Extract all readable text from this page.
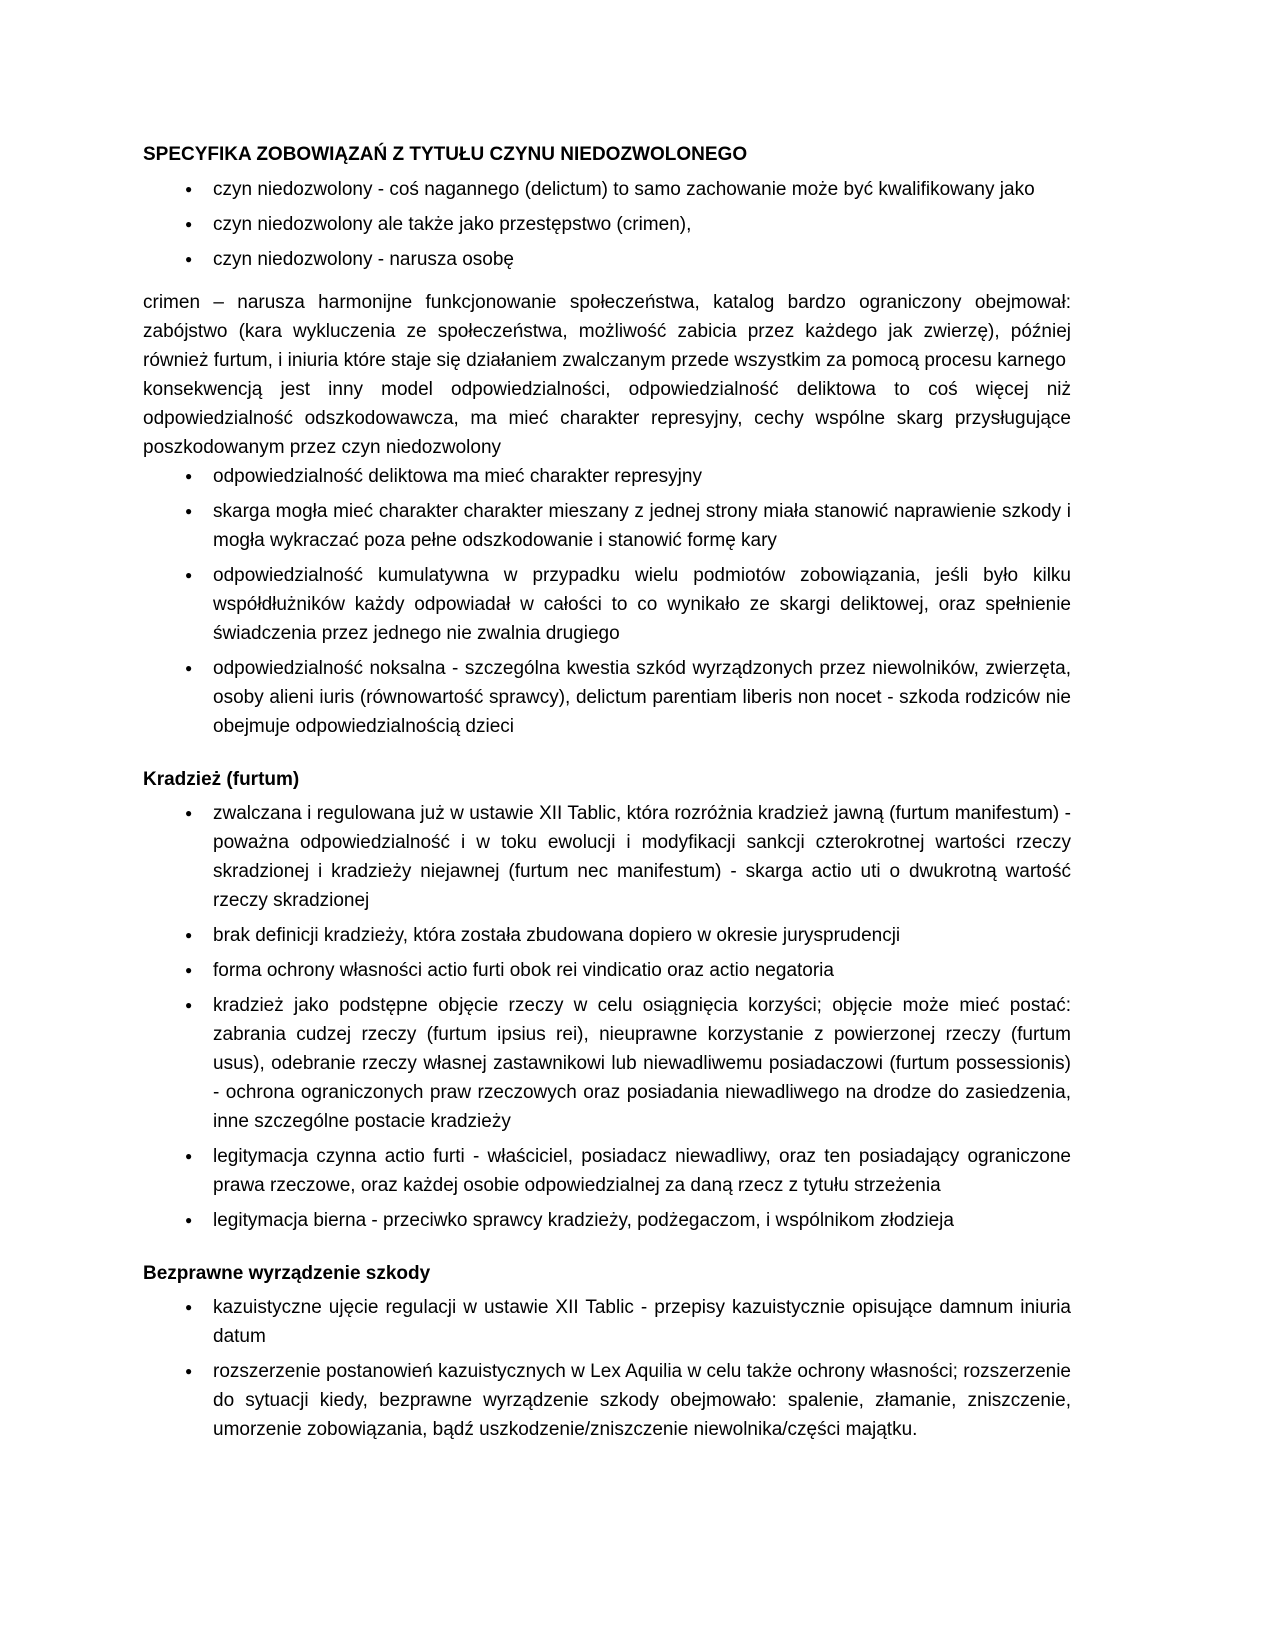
SPECYFIKA ZOBOWIĄZAŃ Z TYTUŁU CZYNU NIEDOZWOLONEGO
● czyn niedozwolony - coś nagannego (delictum) to samo zachowanie może być kwalifikowany jako
● czyn niedozwolony ale także jako przestępstwo (crimen),
● czyn niedozwolony - narusza osobę

crimen – narusza harmonijne funkcjonowanie społeczeństwa, katalog bardzo ograniczony obejmował: zabójstwo (kara wykluczenia ze społeczeństwa, możliwość zabicia przez każdego jak zwierzę), później również furtum, i iniuria które staje się działaniem zwalczanym przede wszystkim za pomocą procesu karnego

konsekwencją jest inny model odpowiedzialności, odpowiedzialność deliktowa to coś więcej niż odpowiedzialność odszkodowawcza, ma mieć charakter represyjny, cechy wspólne skarg przysługujące poszkodowanym przez czyn niedozwolony

● odpowiedzialność deliktowa ma mieć charakter represyjny
● skarga mogła mieć charakter charakter mieszany z jednej strony miała stanowić naprawienie szkody i mogła wykraczać poza pełne odszkodowanie i stanowić formę kary
● odpowiedzialność kumulatywna w przypadku wielu podmiotów zobowiązania, jeśli było kilku współdłużników każdy odpowiadał w całości to co wynikało ze skargi deliktowej, oraz spełnienie świadczenia przez jednego nie zwalnia drugiego
● odpowiedzialność noksalna - szczególna kwestia szkód wyrządzonych przez niewolników, zwierzęta, osoby alieni iuris (równowartość sprawcy), delictum parentiam liberis non nocet - szkoda rodziców nie obejmuje odpowiedzialnością dzieci
Kradzież (furtum)
● zwalczana i regulowana już w ustawie XII Tablic, która rozróżnia kradzież jawną (furtum manifestum) - poważna odpowiedzialność i w toku ewolucji i modyfikacji sankcji czterokrotnej wartości rzeczy skradzionej i kradzieży niejawnej (furtum nec manifestum) - skarga actio uti o dwukrotną wartość rzeczy skradzionej
● brak definicji kradzieży, która została zbudowana dopiero w okresie jurysprudencji
● forma ochrony własności actio furti obok rei vindicatio oraz actio negatoria
● kradzież jako podstępne objęcie rzeczy w celu osiągnięcia korzyści; objęcie może mieć postać: zabrania cudzej rzeczy (furtum ipsius rei), nieuprawne korzystanie z powierzonej rzeczy (furtum usus), odebranie rzeczy własnej zastawnikowi lub niewadliwemu posiadaczowi (furtum possessionis) - ochrona ograniczonych praw rzeczowych oraz posiadania niewadliwego na drodze do zasiedzenia, inne szczególne postacie kradzieży
● legitymacja czynna actio furti - właściciel, posiadacz niewadliwy, oraz ten posiadający ograniczone prawa rzeczowe, oraz każdej osobie odpowiedzialnej za daną rzecz z tytułu strzeżenia
● legitymacja bierna - przeciwko sprawcy kradzieży, podżegaczom, i wspólnikom złodzieja
Bezprawne wyrządzenie szkody
● kazuistyczne ujęcie regulacji w ustawie XII Tablic - przepisy kazuistycznie opisujące damnum iniuria datum
● rozszerzenie postanowień kazuistycznych w Lex Aquilia w celu także ochrony własności; rozszerzenie do sytuacji kiedy, bezprawne wyrządzenie szkody obejmowało: spalenie, złamanie, zniszczenie, umorzenie zobowiązania, bądź uszkodzenie/zniszczenie niewolnika/części majątku.
